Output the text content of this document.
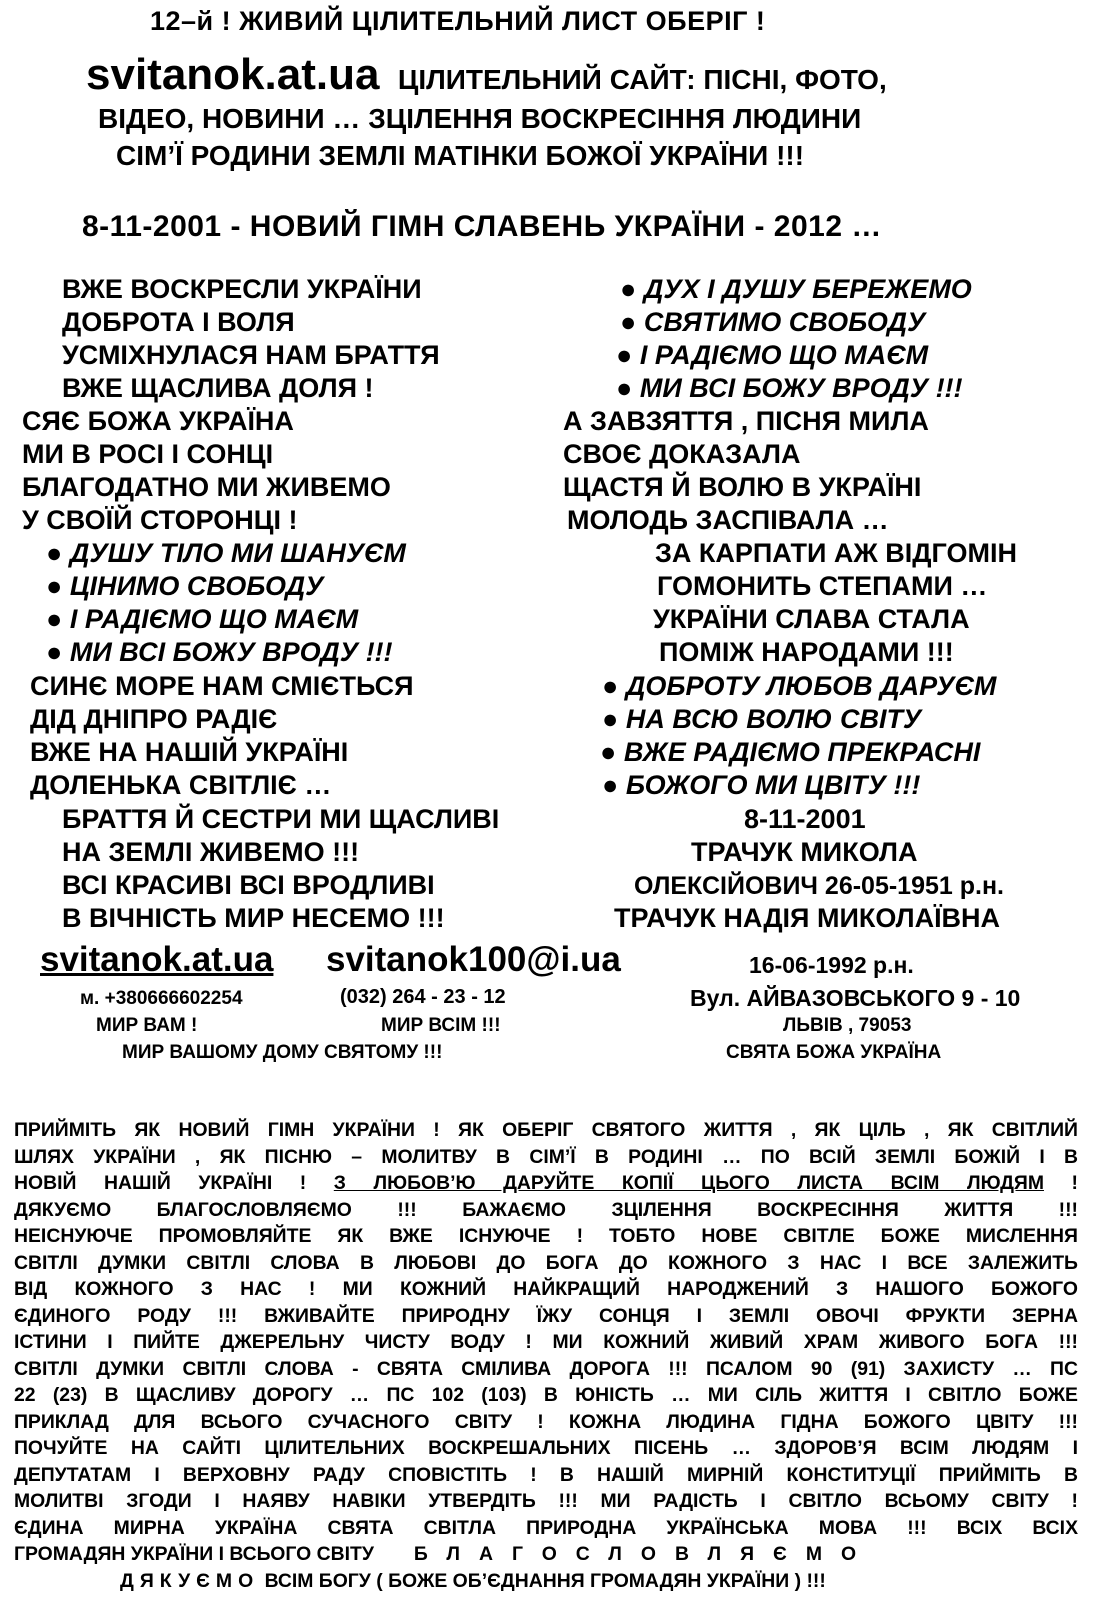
12–й ! ЖИВИЙ ЦІЛИТЕЛЬНИЙ ЛИСТ ОБЕРІГ !
svitanok.at.ua ЦІЛИТЕЛЬНИЙ САЙТ: ПІСНІ, ФОТО,
ВІДЕО, НОВИНИ … ЗЦІЛЕННЯ ВОСКРЕСІННЯ ЛЮДИНИ
СІМ’Ї РОДИНИ ЗЕМЛІ МАТІНКИ БОЖОЇ УКРАЇНИ !!!
8-11-2001 - НОВИЙ ГІМН СЛАВЕНЬ УКРАЇНИ - 2012 …
ВЖЕ ВОСКРЕСЛИ УКРАЇНИ
ДОБРОТА І ВОЛЯ
УСМІХНУЛАСЯ НАМ БРАТТЯ
ВЖЕ ЩАСЛИВА ДОЛЯ !
СЯЄ БОЖА УКРАЇНА
МИ В РОСІ І СОНЦІ
БЛАГОДАТНО МИ ЖИВЕМО
У СВОЇЙ СТОРОНЦІ !
● ДУШУ ТІЛО МИ ШАНУЄМ
● ЦІНИМО СВОБОДУ
● І РАДІЄМО ЩО МАЄМ
● МИ ВСІ БОЖУ ВРОДУ !!!
СИНЄ МОРЕ НАМ СМІЄТЬСЯ
ДІД ДНІПРО РАДІЄ
ВЖЕ НА НАШІЙ УКРАЇНІ
ДОЛЕНЬКА СВІТЛІЄ …
БРАТТЯ Й СЕСТРИ МИ ЩАСЛИВІ
НА ЗЕМЛІ ЖИВЕМО !!!
ВСІ КРАСИВІ ВСІ ВРОДЛИВІ
В ВІЧНІСТЬ МИР НЕСЕМО !!!
● ДУХ І ДУШУ БЕРЕЖЕМО
● СВЯТИМО СВОБОДУ
● І РАДІЄМО ЩО МАЄМ
● МИ ВСІ БОЖУ ВРОДУ !!!
А ЗАВЗЯТТЯ , ПІСНЯ МИЛА
СВОЄ ДОКАЗАЛА
ЩАСТЯ Й ВОЛЮ В УКРАЇНІ
МОЛОДЬ ЗАСПІВАЛА …
ЗА КАРПАТИ АЖ ВІДГОМІН
ГОМОНИТЬ СТЕПАМИ …
УКРАЇНИ СЛАВА СТАЛА
ПОМІЖ НАРОДАМИ !!!
● ДОБРОТУ ЛЮБОВ ДАРУЄМ
● НА ВСЮ ВОЛЮ СВІТУ
● ВЖЕ РАДІЄМО ПРЕКРАСНІ
● БОЖОГО МИ ЦВІТУ !!!
8-11-2001
ТРАЧУК МИКОЛА
ОЛЕКСІЙОВИЧ 26-05-1951 р.н.
ТРАЧУК НАДІЯ МИКОЛАЇВНА
svitanok.at.ua svitanok100@i.ua	16-06-1992 р.н.
м. +380666602254	(032) 264 - 23 - 12	Вул. АЙВАЗОВСЬКОГО 9 - 10
МИР ВАМ !	МИР ВСІМ !!!	ЛЬВІВ , 79053
МИР ВАШОМУ ДОМУ СВЯТОМУ !!!	СВЯТА БОЖА УКРАЇНА
ПРИЙМІТЬ ЯК НОВИЙ ГІМН УКРАЇНИ ! ЯК ОБЕРІГ СВЯТОГО ЖИТТЯ , ЯК ЦІЛЬ , ЯК СВІТЛИЙ
ШЛЯХ УКРАЇНИ , ЯК ПІСНЮ – МОЛИТВУ В СІМ’Ї В РОДИНІ … ПО ВСІЙ ЗЕМЛІ БОЖІЙ І В
НОВІЙ НАШІЙ УКРАЇНІ ! З ЛЮБОВ’Ю ДАРУЙТЕ КОПІЇ ЦЬОГО ЛИСТА ВСІМ ЛЮДЯМ !
ДЯКУЄМО БЛАГОСЛОВЛЯЄМО !!! БАЖАЄМО ЗЦІЛЕННЯ ВОСКРЕСІННЯ ЖИТТЯ !!!
НЕІСНУЮЧЕ ПРОМОВЛЯЙТЕ ЯК ВЖЕ ІСНУЮЧЕ ! ТОБТО НОВЕ СВІТЛЕ БОЖЕ МИСЛЕННЯ
СВІТЛІ ДУМКИ СВІТЛІ СЛОВА В ЛЮБОВІ ДО БОГА ДО КОЖНОГО З НАС І ВСЕ ЗАЛЕЖИТЬ
ВІД КОЖНОГО З НАС ! МИ КОЖНИЙ НАЙКРАЩИЙ НАРОДЖЕНИЙ З НАШОГО БОЖОГО
ЄДИНОГО РОДУ !!! ВЖИВАЙТЕ ПРИРОДНУ ЇЖУ СОНЦЯ І ЗЕМЛІ ОВОЧІ ФРУКТИ ЗЕРНА
ІСТИНИ І ПИЙТЕ ДЖЕРЕЛЬНУ ЧИСТУ ВОДУ ! МИ КОЖНИЙ ЖИВИЙ ХРАМ ЖИВОГО БОГА !!!
СВІТЛІ ДУМКИ СВІТЛІ СЛОВА - СВЯТА СМІЛИВА ДОРОГА !!! ПСАЛОМ 90 (91) ЗАХИСТУ … ПС
22 (23) В ЩАСЛИВУ ДОРОГУ … ПС 102 (103) В ЮНІСТЬ … МИ СІЛЬ ЖИТТЯ І СВІТЛО БОЖЕ
ПРИКЛАД ДЛЯ ВСЬОГО СУЧАСНОГО СВІТУ ! КОЖНА ЛЮДИНА ГІДНА БОЖОГО ЦВІТУ !!!
ПОЧУЙТЕ НА САЙТІ ЦІЛИТЕЛЬНИХ ВОСКРЕШАЛЬНИХ ПІСЕНЬ … ЗДОРОВ’Я ВСІМ ЛЮДЯМ І
ДЕПУТАТАМ І ВЕРХОВНУ РАДУ СПОВІСТІТЬ ! В НАШІЙ МИРНІЙ КОНСТИТУЦІЇ ПРИЙМІТЬ В
МОЛИТВІ ЗГОДИ І НАЯВУ НАВІКИ УТВЕРДІТЬ !!! МИ РАДІСТЬ І СВІТЛО ВСЬОМУ СВІТУ !
ЄДИНА МИРНА УКРАЇНА СВЯТА СВІТЛА ПРИРОДНА УКРАЇНСЬКА МОВА !!! ВСІХ ВСІХ
ГРОМАДЯН УКРАЇНИ І ВСЬОГО СВІТУ БЛАГОСЛОВЛЯЄМО
ДЯКУЄМО ВСІМ БОГУ ( БОЖЕ ОБ’ЄДНАННЯ ГРОМАДЯН УКРАЇНИ ) !!!
